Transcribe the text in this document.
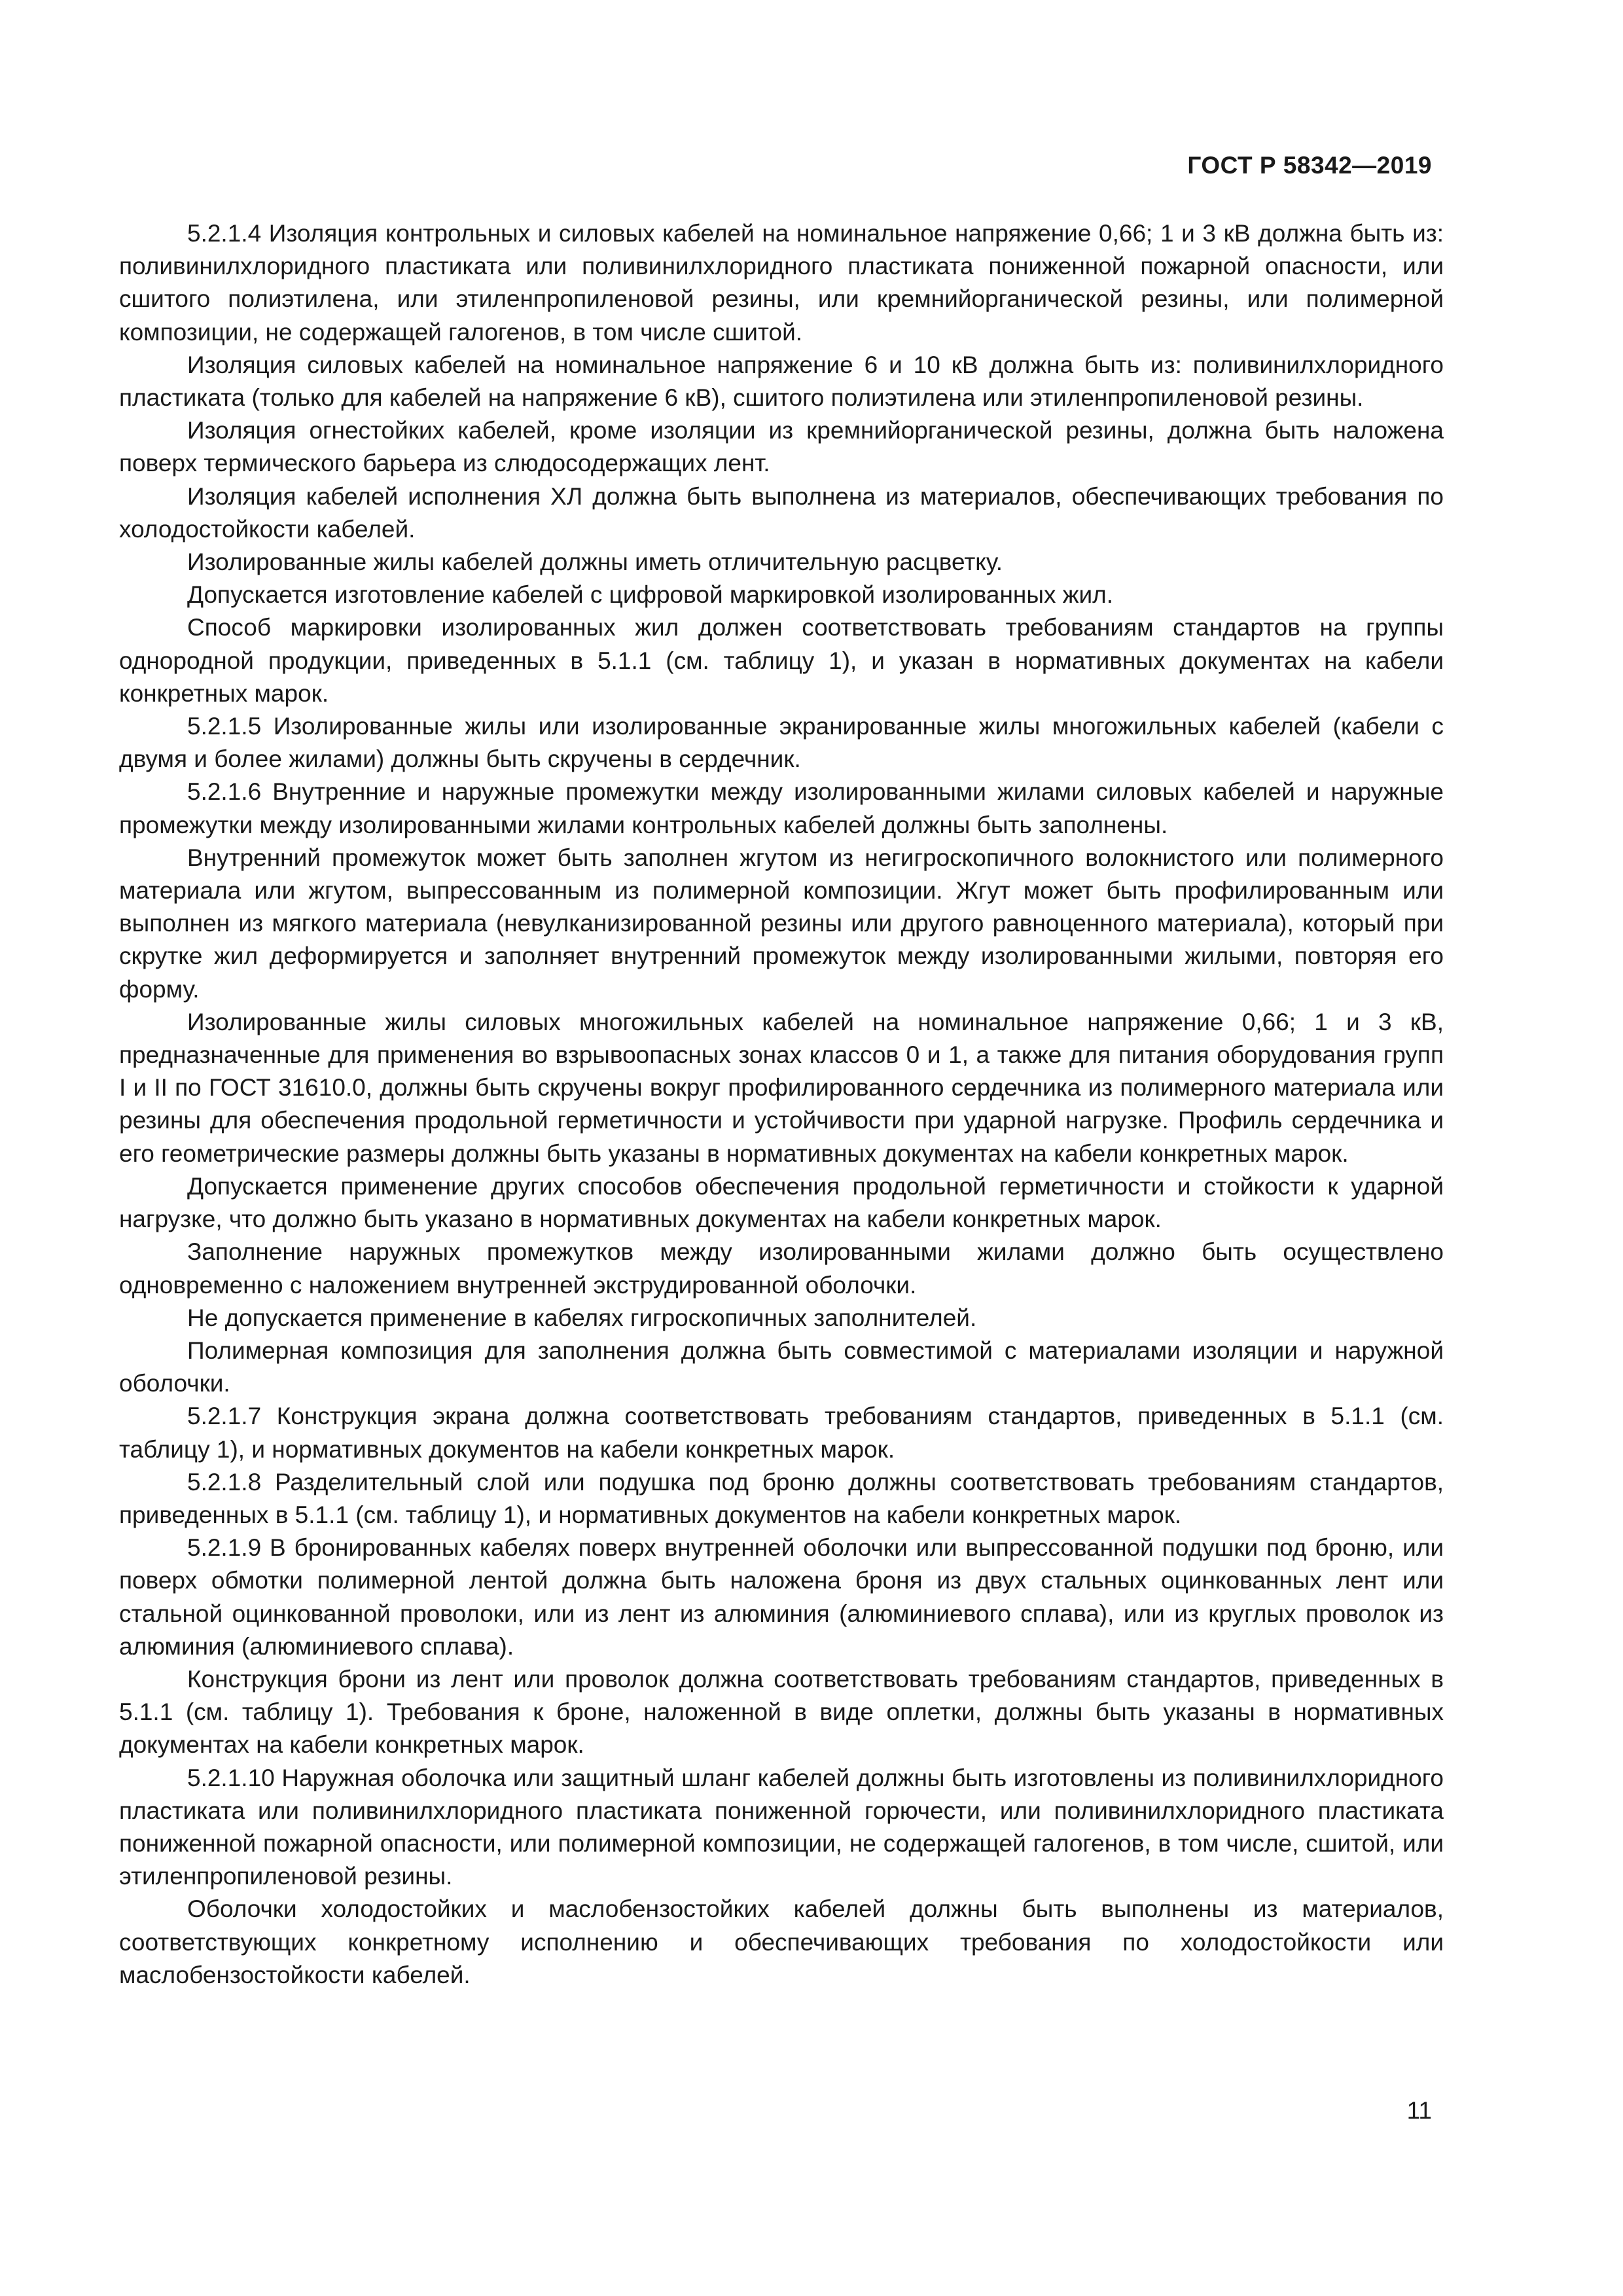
ГОСТ Р 58342—2019

5.2.1.4 Изоляция контрольных и силовых кабелей на номинальное напряжение 0,66; 1 и 3 кВ должна быть из: поливинилхлоридного пластиката или поливинилхлоридного пластиката пониженной пожарной опасности, или сшитого полиэтилена, или этиленпропиленовой резины, или кремнийорганической резины, или полимерной композиции, не содержащей галогенов, в том числе сшитой.

Изоляция силовых кабелей на номинальное напряжение 6 и 10 кВ должна быть из: поливинилхлоридного пластиката (только для кабелей на напряжение 6 кВ), сшитого полиэтилена или этиленпропиленовой резины.

Изоляция огнестойких кабелей, кроме изоляции из кремнийорганической резины, должна быть наложена поверх термического барьера из слюдосодержащих лент.

Изоляция кабелей исполнения ХЛ должна быть выполнена из материалов, обеспечивающих требования по холодостойкости кабелей.

Изолированные жилы кабелей должны иметь отличительную расцветку.

Допускается изготовление кабелей с цифровой маркировкой изолированных жил.

Способ маркировки изолированных жил должен соответствовать требованиям стандартов на группы однородной продукции, приведенных в 5.1.1 (см. таблицу 1), и указан в нормативных документах на кабели конкретных марок.

5.2.1.5 Изолированные жилы или изолированные экранированные жилы многожильных кабелей (кабели с двумя и более жилами) должны быть скручены в сердечник.

5.2.1.6 Внутренние и наружные промежутки между изолированными жилами силовых кабелей и наружные промежутки между изолированными жилами контрольных кабелей должны быть заполнены.

Внутренний промежуток может быть заполнен жгутом из негигроскопичного волокнистого или полимерного материала или жгутом, выпрессованным из полимерной композиции. Жгут может быть профилированным или выполнен из мягкого материала (невулканизированной резины или другого равноценного материала), который при скрутке жил деформируется и заполняет внутренний промежуток между изолированными жилыми, повторяя его форму.

Изолированные жилы силовых многожильных кабелей на номинальное напряжение 0,66; 1 и 3 кВ, предназначенные для применения во взрывоопасных зонах классов 0 и 1, а также для питания оборудования групп I и II по ГОСТ 31610.0, должны быть скручены вокруг профилированного сердечника из полимерного материала или резины для обеспечения продольной герметичности и устойчивости при ударной нагрузке. Профиль сердечника и его геометрические размеры должны быть указаны в нормативных документах на кабели конкретных марок.

Допускается применение других способов обеспечения продольной герметичности и стойкости к ударной нагрузке, что должно быть указано в нормативных документах на кабели конкретных марок.

Заполнение наружных промежутков между изолированными жилами должно быть осуществлено одновременно с наложением внутренней экструдированной оболочки.

Не допускается применение в кабелях гигроскопичных заполнителей.

Полимерная композиция для заполнения должна быть совместимой с материалами изоляции и наружной оболочки.

5.2.1.7 Конструкция экрана должна соответствовать требованиям стандартов, приведенных в 5.1.1 (см. таблицу 1), и нормативных документов на кабели конкретных марок.

5.2.1.8 Разделительный слой или подушка под броню должны соответствовать требованиям стандартов, приведенных в 5.1.1 (см. таблицу 1), и нормативных документов на кабели конкретных марок.

5.2.1.9 В бронированных кабелях поверх внутренней оболочки или выпрессованной подушки под броню, или поверх обмотки полимерной лентой должна быть наложена броня из двух стальных оцинкованных лент или стальной оцинкованной проволоки, или из лент из алюминия (алюминиевого сплава), или из круглых проволок из алюминия (алюминиевого сплава).

Конструкция брони из лент или проволок должна соответствовать требованиям стандартов, приведенных в 5.1.1 (см. таблицу 1). Требования к броне, наложенной в виде оплетки, должны быть указаны в нормативных документах на кабели конкретных марок.

5.2.1.10 Наружная оболочка или защитный шланг кабелей должны быть изготовлены из поливинилхлоридного пластиката или поливинилхлоридного пластиката пониженной горючести, или поливинилхлоридного пластиката пониженной пожарной опасности, или полимерной композиции, не содержащей галогенов, в том числе, сшитой, или этиленпропиленовой резины.

Оболочки холодостойких и маслобензостойких кабелей должны быть выполнены из материалов, соответствующих конкретному исполнению и обеспечивающих требования по холодостойкости или маслобензостойкости кабелей.

11
